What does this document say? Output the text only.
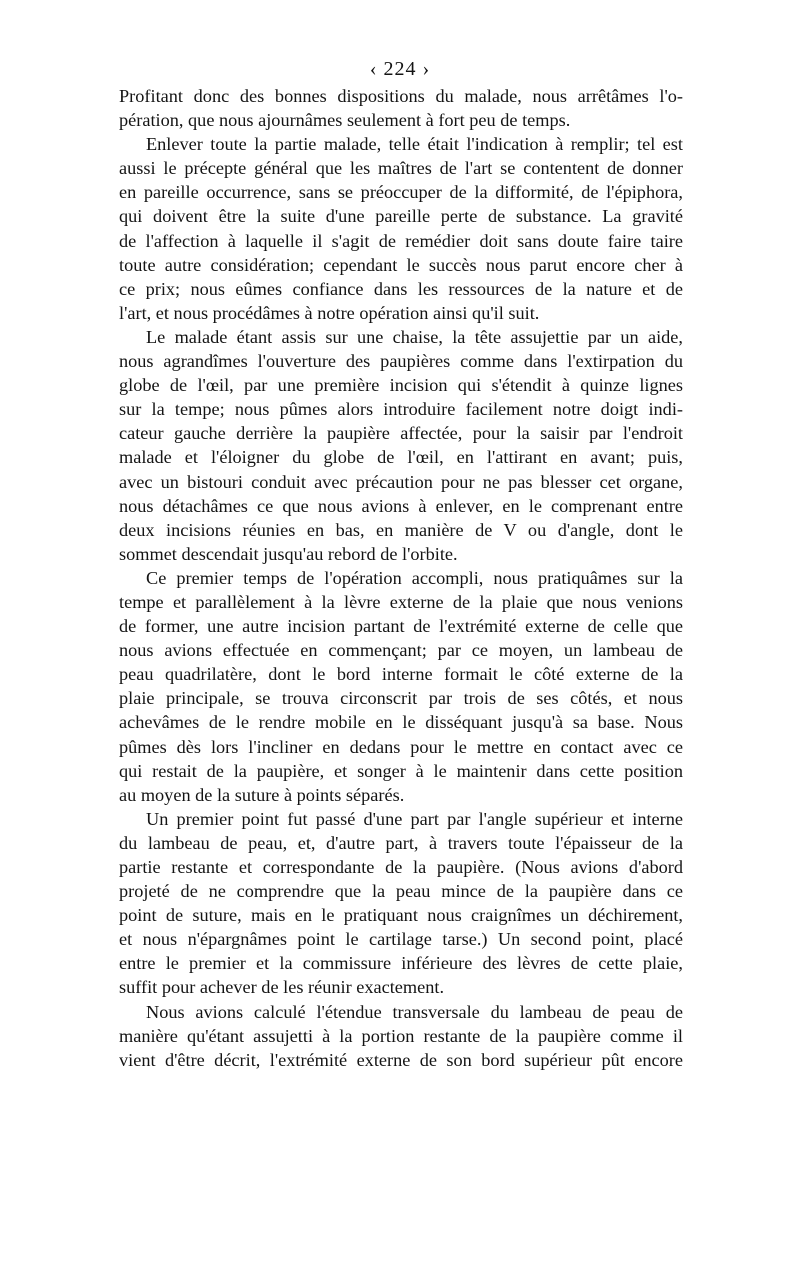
‹ 224 ›

Profitant donc des bonnes dispositions du malade, nous arrêtâmes l'o-

pération, que nous ajournâmes seulement à fort peu de temps.

Enlever toute la partie malade, telle était l'indication à remplir; tel est

aussi le précepte général que les maîtres de l'art se contentent de donner

en pareille occurrence, sans se préoccuper de la difformité, de l'épiphora,

qui doivent être la suite d'une pareille perte de substance. La gravité

de l'affection à laquelle il s'agit de remédier doit sans doute faire taire

toute autre considération; cependant le succès nous parut encore cher à

ce prix; nous eûmes confiance dans les ressources de la nature et de

l'art, et nous procédâmes à notre opération ainsi qu'il suit.

Le malade étant assis sur une chaise, la tête assujettie par un aide,

nous agrandîmes l'ouverture des paupières comme dans l'extirpation du

globe de l'œil, par une première incision qui s'étendit à quinze lignes

sur la tempe; nous pûmes alors introduire facilement notre doigt indi-

cateur gauche derrière la paupière affectée, pour la saisir par l'endroit

malade et l'éloigner du globe de l'œil, en l'attirant en avant; puis,

avec un bistouri conduit avec précaution pour ne pas blesser cet organe,

nous détachâmes ce que nous avions à enlever, en le comprenant entre

deux incisions réunies en bas, en manière de V ou d'angle, dont le

sommet descendait jusqu'au rebord de l'orbite.

Ce premier temps de l'opération accompli, nous pratiquâmes sur la

tempe et parallèlement à la lèvre externe de la plaie que nous venions

de former, une autre incision partant de l'extrémité externe de celle que

nous avions effectuée en commençant; par ce moyen, un lambeau de

peau quadrilatère, dont le bord interne formait le côté externe de la

plaie principale, se trouva circonscrit par trois de ses côtés, et nous

achevâmes de le rendre mobile en le disséquant jusqu'à sa base. Nous

pûmes dès lors l'incliner en dedans pour le mettre en contact avec ce

qui restait de la paupière, et songer à le maintenir dans cette position

au moyen de la suture à points séparés.

Un premier point fut passé d'une part par l'angle supérieur et interne

du lambeau de peau, et, d'autre part, à travers toute l'épaisseur de la

partie restante et correspondante de la paupière. (Nous avions d'abord

projeté de ne comprendre que la peau mince de la paupière dans ce

point de suture, mais en le pratiquant nous craignîmes un déchirement,

et nous n'épargnâmes point le cartilage tarse.) Un second point, placé

entre le premier et la commissure inférieure des lèvres de cette plaie,

suffit pour achever de les réunir exactement.

Nous avions calculé l'étendue transversale du lambeau de peau de

manière qu'étant assujetti à la portion restante de la paupière comme il

vient d'être décrit, l'extrémité externe de son bord supérieur pût encore
